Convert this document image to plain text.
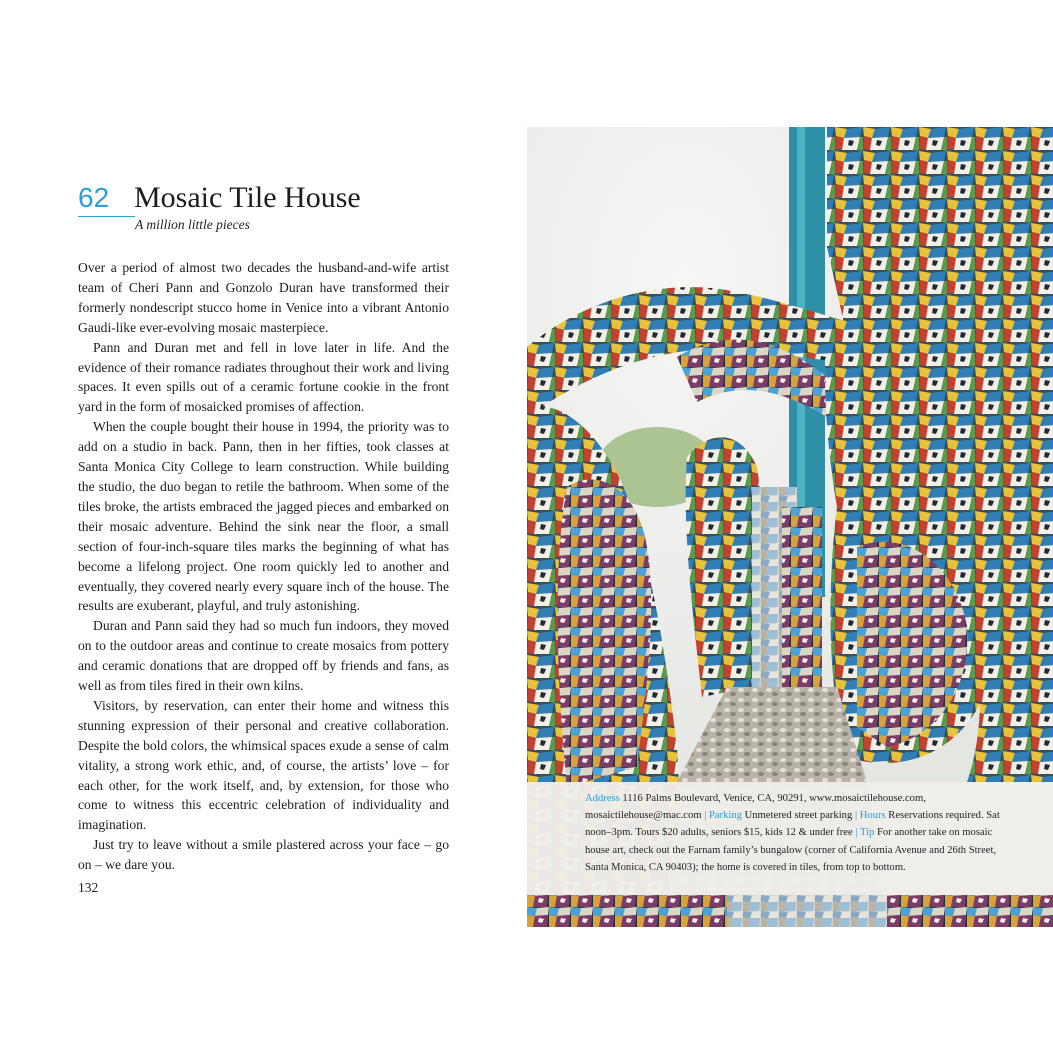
62 Mosaic Tile House
A million little pieces

Over a period of almost two decades the husband-and-wife artist team of Cheri Pann and Gonzolo Duran have transformed their formerly nondescript stucco home in Venice into a vibrant Antonio Gaudi-like ever-evolving mosaic masterpiece.

Pann and Duran met and fell in love later in life. And the evidence of their romance radiates throughout their work and living spaces. It even spills out of a ceramic fortune cookie in the front yard in the form of mosaicked promises of affection.

When the couple bought their house in 1994, the priority was to add on a studio in back. Pann, then in her fifties, took classes at Santa Monica City College to learn construction. While building the studio, the duo began to retile the bathroom. When some of the tiles broke, the artists embraced the jagged pieces and embarked on their mosaic adventure. Behind the sink near the floor, a small section of four-inch-square tiles marks the beginning of what has become a lifelong project. One room quickly led to another and eventually, they covered nearly every square inch of the house. The results are exuberant, playful, and truly astonishing.

Duran and Pann said they had so much fun indoors, they moved on to the outdoor areas and continue to create mosaics from pottery and ceramic donations that are dropped off by friends and fans, as well as from tiles fired in their own kilns.

Visitors, by reservation, can enter their home and witness this stunning expression of their personal and creative collaboration. Despite the bold colors, the whimsical spaces exude a sense of calm vitality, a strong work ethic, and, of course, the artists’ love – for each other, for the work itself, and, by extension, for those who come to witness this eccentric celebration of individuality and imagination.

Just try to leave without a smile plastered across your face – go on – we dare you.

132
Address 1116 Palms Boulevard, Venice, CA, 90291, www.mosaictilehouse.com, mosaictilehouse@mac.com | Parking Unmetered street parking | Hours Reservations required. Sat noon–3pm. Tours $20 adults, seniors $15, kids 12 & under free | Tip For another take on mosaic house art, check out the Farnam family’s bungalow (corner of California Avenue and 26th Street, Santa Monica, CA 90403); the home is covered in tiles, from top to bottom.
